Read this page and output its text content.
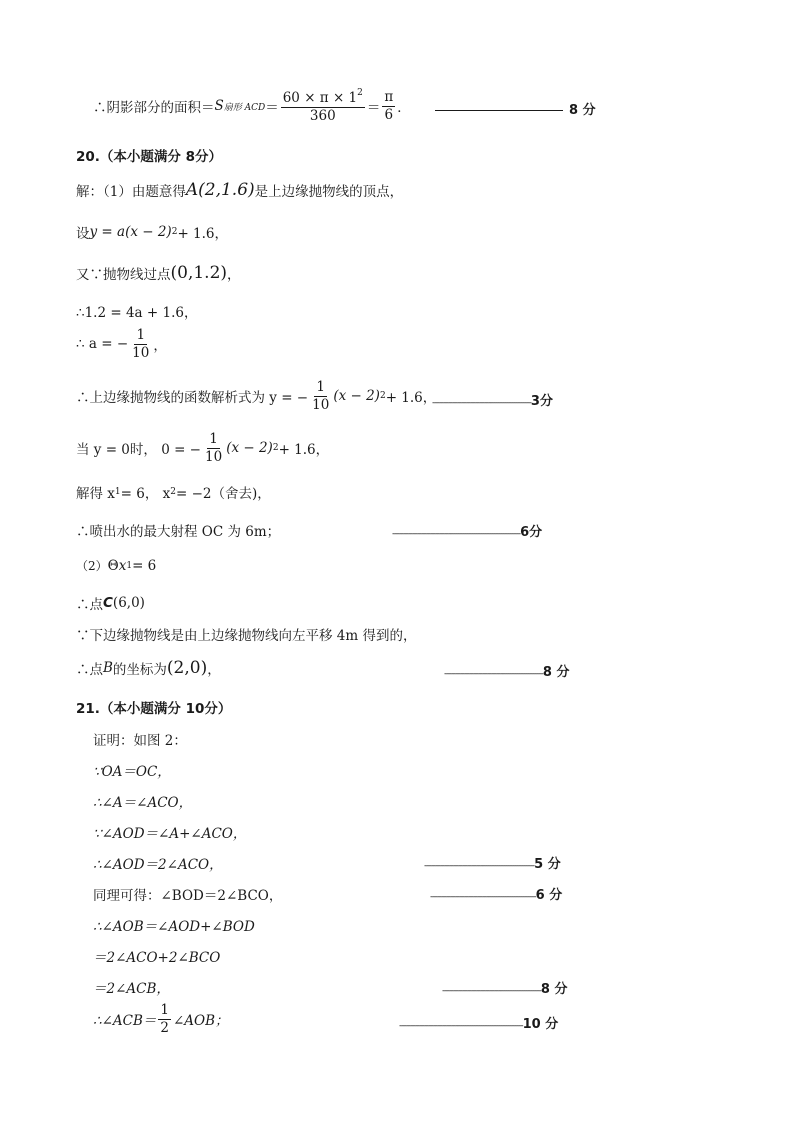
∴阴影部分的面积＝ S 扇形 ACD ＝ $\frac{60 \times \pi \times 1^2}{360} = \frac{\pi}{6}$ ．	8 分
20.（本小题满分 8分）
解：（1）由题意得 A(2,1.6) 是上边缘抛物线的顶点，
设 y = a(x − 2) 2 + 1.6，
又∵抛物线过点 (0,1.2) ，
∴1.2 = 4a + 1.6，
∴ a = − $\frac{1}{10}$ ，
∴上边缘抛物线的函数解析式为 y = − $\frac{1}{10} (x - 2) 2 + 1.6$，
--------------------------------------------3分
当 y = 0时， 0 = − $\frac{1}{10} (x - 2) 2 + 1.6$，
解得 x 1 = 6， x 2 = −2（舍去)，
∴喷出水的最大射程 OC 为 6m；	---------------------------------------------------------6分
（2） Θ x 1 = 6
∴点 C (6,0)
∵下边缘抛物线是由上边缘抛物线向左平移 4m 得到的，
∴点 B 的坐标为 (2,0) ，	--------------------------------------------8 分
21.（本小题满分 10分）
证明：如图 2：
∵OA＝OC，
∴∠A＝∠ACO，
∵∠AOD＝∠A+∠ACO，
∴∠AOD＝2∠ACO，	-------------------------------------------------5 分
同理可得：∠BOD＝2∠BCO，	-----------------------------------------------6 分
∴∠AOB＝∠AOD+∠BOD
＝2∠ACO+2∠BCO
＝2∠ACB，	--------------------------------------------8 分
∴∠ACB＝ $\frac{1}{2}$ ∠AOB；	-------------------------------------------------------10 分
